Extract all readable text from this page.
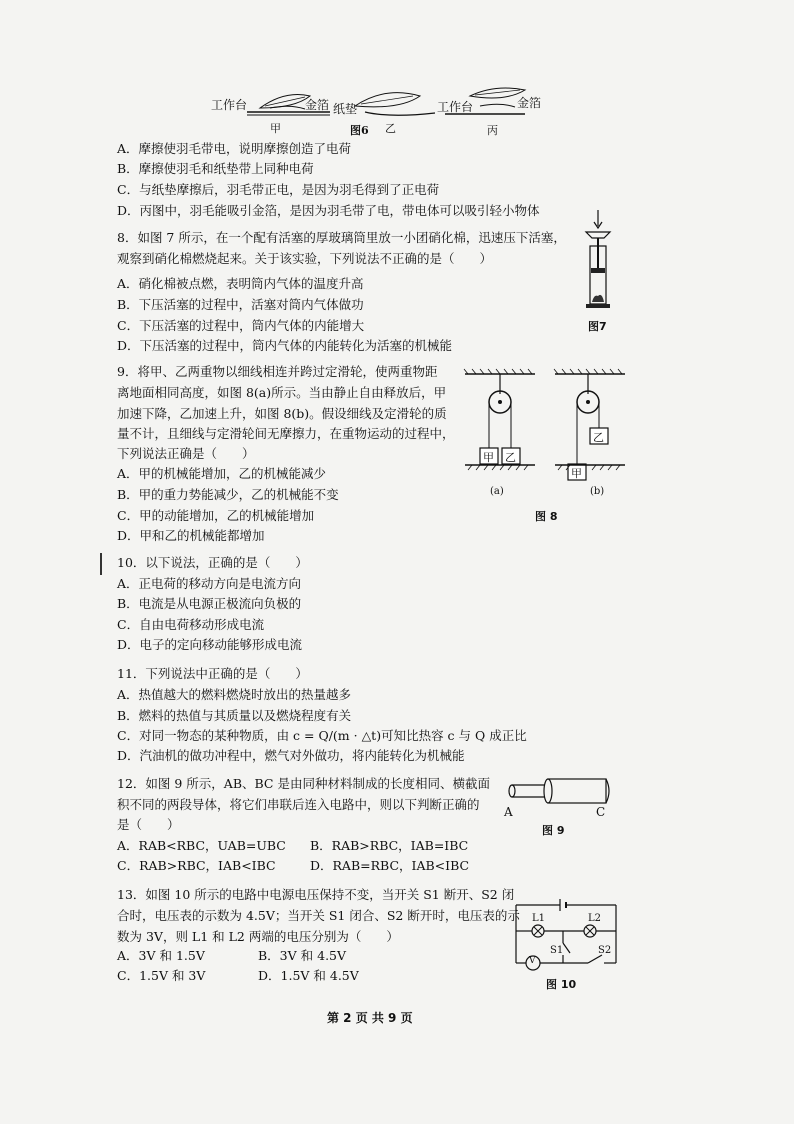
工作台	金箔 纸垫	工作台	金箔
甲	图6 乙	丙
A．摩擦使羽毛带电，说明摩擦创造了电荷
B．摩擦使羽毛和纸垫带上同种电荷
C．与纸垫摩擦后，羽毛带正电，是因为羽毛得到了正电荷
D．丙图中，羽毛能吸引金箔，是因为羽毛带了电，带电体可以吸引轻小物体
8．如图 7 所示，在一个配有活塞的厚玻璃筒里放一小团硝化棉，迅速压下活塞，
观察到硝化棉燃烧起来。关于该实验，下列说法不正确的是（　　）
A．硝化棉被点燃，表明筒内气体的温度升高
B．下压活塞的过程中，活塞对筒内气体做功
C．下压活塞的过程中，筒内气体的内能增大
D．下压活塞的过程中，筒内气体的内能转化为活塞的机械能
图7
9．将甲、乙两重物以细线相连并跨过定滑轮，使两重物距
离地面相同高度，如图 8(a)所示。当由静止自由释放后，甲
加速下降，乙加速上升，如图 8(b)。假设细线及定滑轮的质
量不计，且细线与定滑轮间无摩擦力，在重物运动的过程中，
下列说法正确是（　　）
A．甲的机械能增加，乙的机械能减少
B．甲的重力势能减少，乙的机械能不变
C．甲的动能增加，乙的机械能增加
D．甲和乙的机械能都增加
甲 乙
乙
甲
(a)	(b)
图 8
10．以下说法，正确的是（　　）
A．正电荷的移动方向是电流方向
B．电流是从电源正极流向负极的
C．自由电荷移动形成电流
D．电子的定向移动能够形成电流
11．下列说法中正确的是（　　）
A．热值越大的燃料燃烧时放出的热量越多
B．燃料的热值与其质量以及燃烧程度有关
C．对同一物态的某种物质，由 c = Q/(m · △t)可知比热容 c 与 Q 成正比
D．汽油机的做功冲程中，燃气对外做功，将内能转化为机械能
12．如图 9 所示，AB、BC 是由同种材料制成的长度相同、横截面
积不同的两段导体，将它们串联后连入电路中，则以下判断正确的
是（　　）
A．RAB<RBC，UAB=UBC B．RAB>RBC，IAB=IBC
C．RAB>RBC，IAB<IBC	D．RAB=RBC，IAB<IBC
A	C
图 9
13．如图 10 所示的电路中电源电压保持不变，当开关 S1 断开、S2 闭
合时，电压表的示数为 4.5V；当开关 S1 闭合、S2 断开时，电压表的示
数为 3V，则 L1 和 L2 两端的电压分别为（　　）
A．3V 和 1.5V	B．3V 和 4.5V
C．1.5V 和 3V	D．1.5V 和 4.5V
L1	L2
S1	S2
V
图 10
第 2 页 共 9 页
